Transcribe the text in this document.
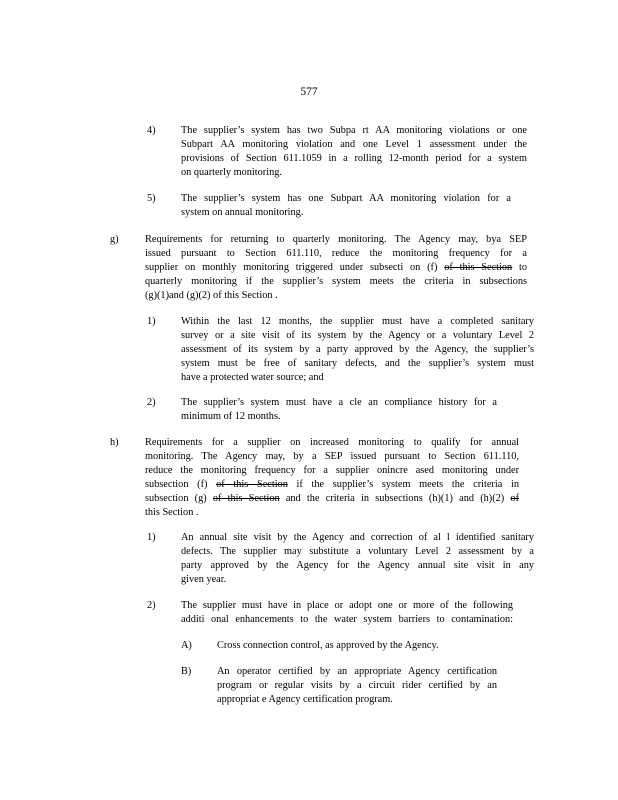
577
4) The supplier’s system has two Subpa rt AA monitoring violations or one
Subpart AA monitoring violation and one Level 1 assessment under the
provisions of Section 611.1059 in a rolling 12-month period for a system
on quarterly monitoring.
5) The supplier’s system has one Subpart AA monitoring violation for a
system on annual monitoring.
g)	Requirements for returning to quarterly monitoring. The Agency may, bya SEP
issued pursuant to Section 611.110, reduce the monitoring frequency for a
supplier on monthly monitoring triggered under subsecti on (f) of this Section to
quarterly monitoring if the supplier’s system meets the criteria in subsections
(g)(1)and (g)(2) of this Section .
1) Within the last 12 months, the supplier must have a completed sanitary
survey or a site visit of its system by the Agency or a voluntary Level 2
assessment of its system by a party approved by the Agency, the supplier’s
system must be free of sanitary defects, and the supplier’s system must
have a protected water source; and
2) The supplier’s system must have a cle an compliance history for a
minimum of 12 months.
h)	Requirements for a supplier on increased monitoring to qualify for annual
monitoring. The Agency may, by a SEP issued pursuant to Section 611.110,
reduce the monitoring frequency for a supplier onincre ased monitoring under
subsection (f) of this Section if the supplier’s system meets the criteria in
subsection (g) of this Section and the criteria in subsections (h)(1) and (h)(2) of
this Section .
1) An annual site visit by the Agency and correction of al l identified sanitary
defects. The supplier may substitute a voluntary Level 2 assessment by a
party approved by the Agency for the Agency annual site visit in any
given year.
2) The supplier must have in place or adopt one or more of the following
additi onal enhancements to the water system barriers to contamination:
A) Cross connection control, as approved by the Agency.
B) An operator certified by an appropriate Agency certification
program or regular visits by a circuit rider certified by an
appropriat e Agency certification program.
